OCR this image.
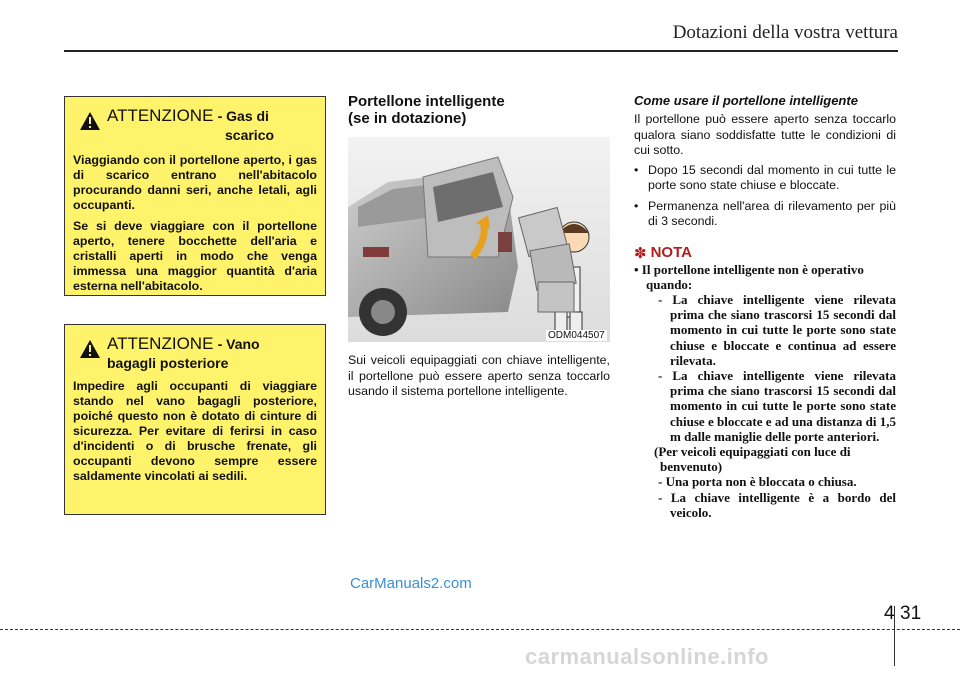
Dotazioni della vostra vettura
ATTENZIONE - Gas di
scarico

Viaggiando con il portellone aperto, i gas di scarico entrano nell'abitacolo procurando danni seri, anche letali, agli occupanti.

Se si deve viaggiare con il portellone aperto, tenere bocchette dell'aria e cristalli aperti in modo che venga immessa una maggior quantità d'aria esterna nell'abitacolo.

ATTENZIONE - Vano
bagagli posteriore

Impedire agli occupanti di viaggiare stando nel vano bagagli posteriore, poiché questo non è dotato di cinture di sicurezza. Per evitare di ferirsi in caso d'incidenti o di brusche frenate, gli occupanti devono sempre essere saldamente vincolati ai sedili.

Portellone intelligente
(se in dotazione)
ODM044507
Sui veicoli equipaggiati con chiave intelligente, il portellone può essere aperto senza toccarlo usando il sistema portellone intelligente.
Come usare il portellone intelligente

Il portellone può essere aperto senza toccarlo qualora siano soddisfatte tutte le condizioni di cui sotto.

• Dopo 15 secondi dal momento in cui tutte le porte sono state chiuse e bloccate.
• Permanenza nell'area di rilevamento per più di 3 secondi.
✽ NOTA
• Il portellone intelligente non è operativo quando:
- La chiave intelligente viene rilevata prima che siano trascorsi 15 secondi dal momento in cui tutte le porte sono state chiuse e bloccate e continua ad essere rilevata.
- La chiave intelligente viene rilevata prima che siano trascorsi 15 secondi dal momento in cui tutte le porte sono state chiuse e bloccate e ad una distanza di 1,5 m dalle maniglie delle porte anteriori.
(Per veicoli equipaggiati con luce di benvenuto)
- Una porta non è bloccata o chiusa.
- La chiave intelligente è a bordo del veicolo.
CarManuals2.com
4 31
carmanualsonline.info
